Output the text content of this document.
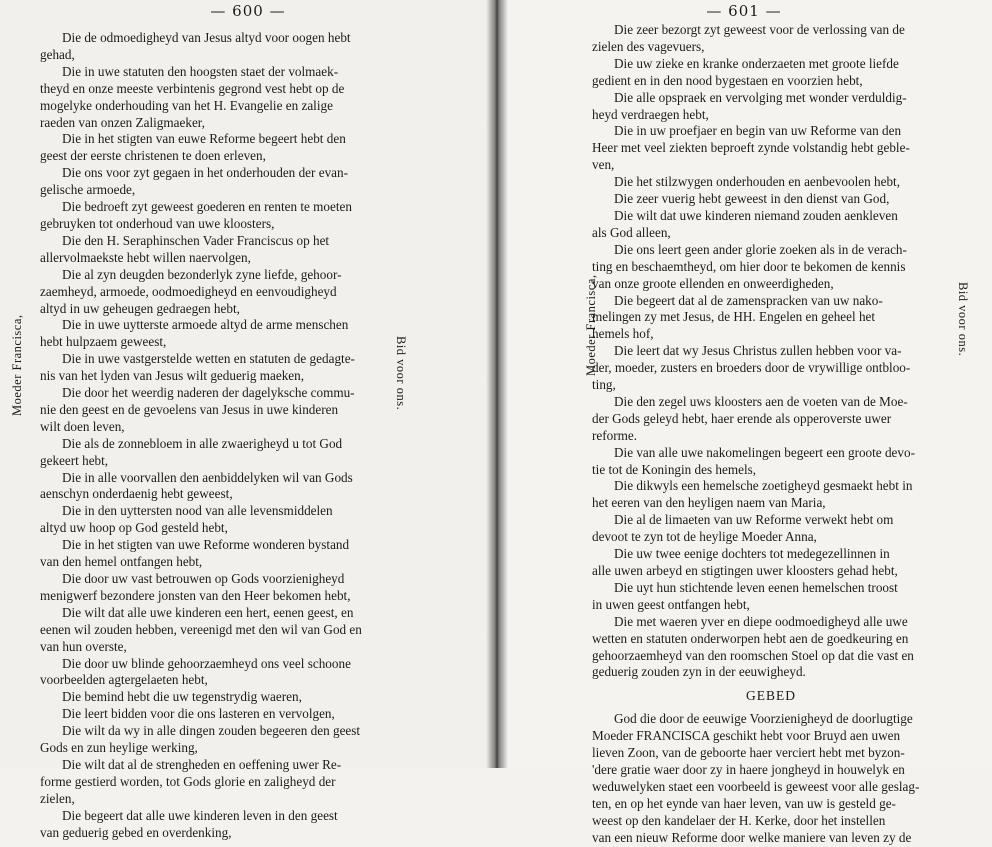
— 600 —
Moeder Francisca,	Bid voor ons.
Die de odmoedigheyd van Jesus altyd voor oogen hebt
gehad,
Die in uwe statuten den hoogsten staet der volmaek-
theyd en onze meeste verbintenis gegrond vest hebt op de
mogelyke onderhouding van het H. Evangelie en zalige
raeden van onzen Zaligmaeker,
Die in het stigten van euwe Reforme begeert hebt den
geest der eerste christenen te doen erleven,
Die ons voor zyt gegaen in het onderhouden der evan-
gelische armoede,
Die bedroeft zyt geweest goederen en renten te moeten
gebruyken tot onderhoud van uwe kloosters,
Die den H. Seraphinschen Vader Franciscus op het
allervolmaekste hebt willen naervolgen,
Die al zyn deugden bezonderlyk zyne liefde, gehoor-
zaemheyd, armoede, oodmoedigheyd en eenvoudigheyd
altyd in uw geheugen gedraegen hebt,
Die in uwe uytterste armoede altyd de arme menschen
hebt hulpzaem geweest,
Die in uwe vastgerstelde wetten en statuten de gedagte-
nis van het lyden van Jesus wilt geduerig maeken,
Die door het weerdig naderen der dagelyksche commu-
nie den geest en de gevoelens van Jesus in uwe kinderen
wilt doen leven,
Die als de zonnebloem in alle zwaerigheyd u tot God
gekeert hebt,
Die in alle voorvallen den aenbiddelyken wil van Gods
aenschyn onderdaenig hebt geweest,
Die in den uyttersten nood van alle levensmiddelen
altyd uw hoop op God gesteld hebt,
Die in het stigten van uwe Reforme wonderen bystand
van den hemel ontfangen hebt,
Die door uw vast betrouwen op Gods voorzienigheyd
menigwerf bezondere jonsten van den Heer bekomen hebt,
Die wilt dat alle uwe kinderen een hert, eenen geest, en
eenen wil zouden hebben, vereenigd met den wil van God en
van hun overste,
Die door uw blinde gehoorzaemheyd ons veel schoone
voorbeelden agtergelaeten hebt,
Die bemind hebt die uw tegenstrydig waeren,
Die leert bidden voor die ons lasteren en vervolgen,
Die wilt da wy in alle dingen zouden begeeren den geest
Gods en zun heylige werking,
Die wilt dat al de strengheden en oeffening uwer Re-
forme gestierd worden, tot Gods glorie en zaligheyd der
zielen,
Die begeert dat alle uwe kinderen leven in den geest
van geduerig gebed en overdenking,
— 601 —
Moeder Francisca,	Bid voor ons.
Die zeer bezorgt zyt geweest voor de verlossing van de
zielen des vagevuers,
Die uw zieke en kranke onderzaeten met groote liefde
gedient en in den nood bygestaen en voorzien hebt,
Die alle opspraek en vervolging met wonder verduldig-
heyd verdraegen hebt,
Die in uw proefjaer en begin van uw Reforme van den
Heer met veel ziekten beproeft zynde volstandig hebt geble-
ven,
Die het stilzwygen onderhouden en aenbevoolen hebt,
Die zeer vuerig hebt geweest in den dienst van God,
Die wilt dat uwe kinderen niemand zouden aenkleven
als God alleen,
Die ons leert geen ander glorie zoeken als in de verach-
ting en beschaemtheyd, om hier door te bekomen de kennis
van onze groote ellenden en onweerdigheden,
Die begeert dat al de zamenspracken van uw nako-
melingen zy met Jesus, de HH. Engelen en geheel het
hemels hof,
Die leert dat wy Jesus Christus zullen hebben voor va-
der, moeder, zusters en broeders door de vrywillige ontbloo-
ting,
Die den zegel uws kloosters aen de voeten van de Moe-
der Gods geleyd hebt, haer erende als opperoverste uwer
reforme.
Die van alle uwe nakomelingen begeert een groote devo-
tie tot de Koningin des hemels,
Die dikwyls een hemelsche zoetigheyd gesmaekt hebt in
het eeren van den heyligen naem van Maria,
Die al de limaeten van uw Reforme verwekt hebt om
devoot te zyn tot de heylige Moeder Anna,
Die uw twee eenige dochters tot medegezellinnen in
alle uwen arbeyd en stigtingen uwer kloosters gehad hebt,
Die uyt hun stichtende leven eenen hemelschen troost
in uwen geest ontfangen hebt,
Die met waeren yver en diepe oodmoedigheyd alle uwe
wetten en statuten onderworpen hebt aen de goedkeuring en
gehoorzaemheyd van den roomschen Stoel op dat die vast en
geduerig zouden zyn in der eeuwigheyd.
GEBED
God die door de eeuwige Voorzienigheyd de doorlugtige
Moeder FRANCISCA geschikt hebt voor Bruyd aen uwen
lieven Zoon, van de geboorte haer verciert hebt met byzon-
'dere gratie waer door zy in haere jongheyd in houwelyk en
weduwelyken staet een voorbeeld is geweest voor alle geslag-
ten, en op het eynde van haer leven, van uw is gesteld ge-
weest op den kandelaer der H. Kerke, door het instellen
van een nieuw Reforme door welke maniere van leven zy de
